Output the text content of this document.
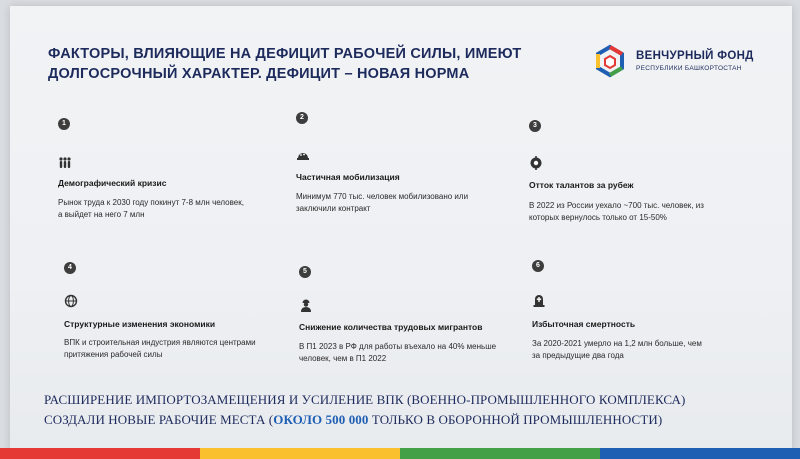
ФАКТОРЫ, ВЛИЯЮЩИЕ НА ДЕФИЦИТ РАБОЧЕЙ СИЛЫ, ИМЕЮТ
ДОЛГОСРОЧНЫЙ ХАРАКТЕР. ДЕФИЦИТ – НОВАЯ НОРМА
ВЕНЧУРНЫЙ ФОНД
РЕСПУБЛИКИ БАШКОРТОСТАН
1
Демографический кризис
Рынок труда к 2030 году покинут 7-8 млн человек, а выйдет на него 7 млн
2
Частичная мобилизация
Минимум 770 тыс. человек мобилизовано или заключили контракт
3
Отток талантов за рубеж
В 2022 из России уехало ~700 тыс. человек, из которых вернулось только от 15-50%
4
Структурные изменения экономики
ВПК и строительная индустрия являются центрами притяжения рабочей силы
5
Снижение количества трудовых мигрантов
В П1 2023 в РФ для работы въехало на 40% меньше человек, чем в П1 2022
6
Избыточная смертность
За 2020-2021 умерло на 1,2 млн больше, чем за предыдущие два года
РАСШИРЕНИЕ ИМПОРТОЗАМЕЩЕНИЯ И УСИЛЕНИЕ ВПК (ВОЕННО-ПРОМЫШЛЕННОГО КОМПЛЕКСА)
СОЗДАЛИ НОВЫЕ РАБОЧИЕ МЕСТА (ОКОЛО 500 000 ТОЛЬКО В ОБОРОННОЙ ПРОМЫШЛЕННОСТИ)
